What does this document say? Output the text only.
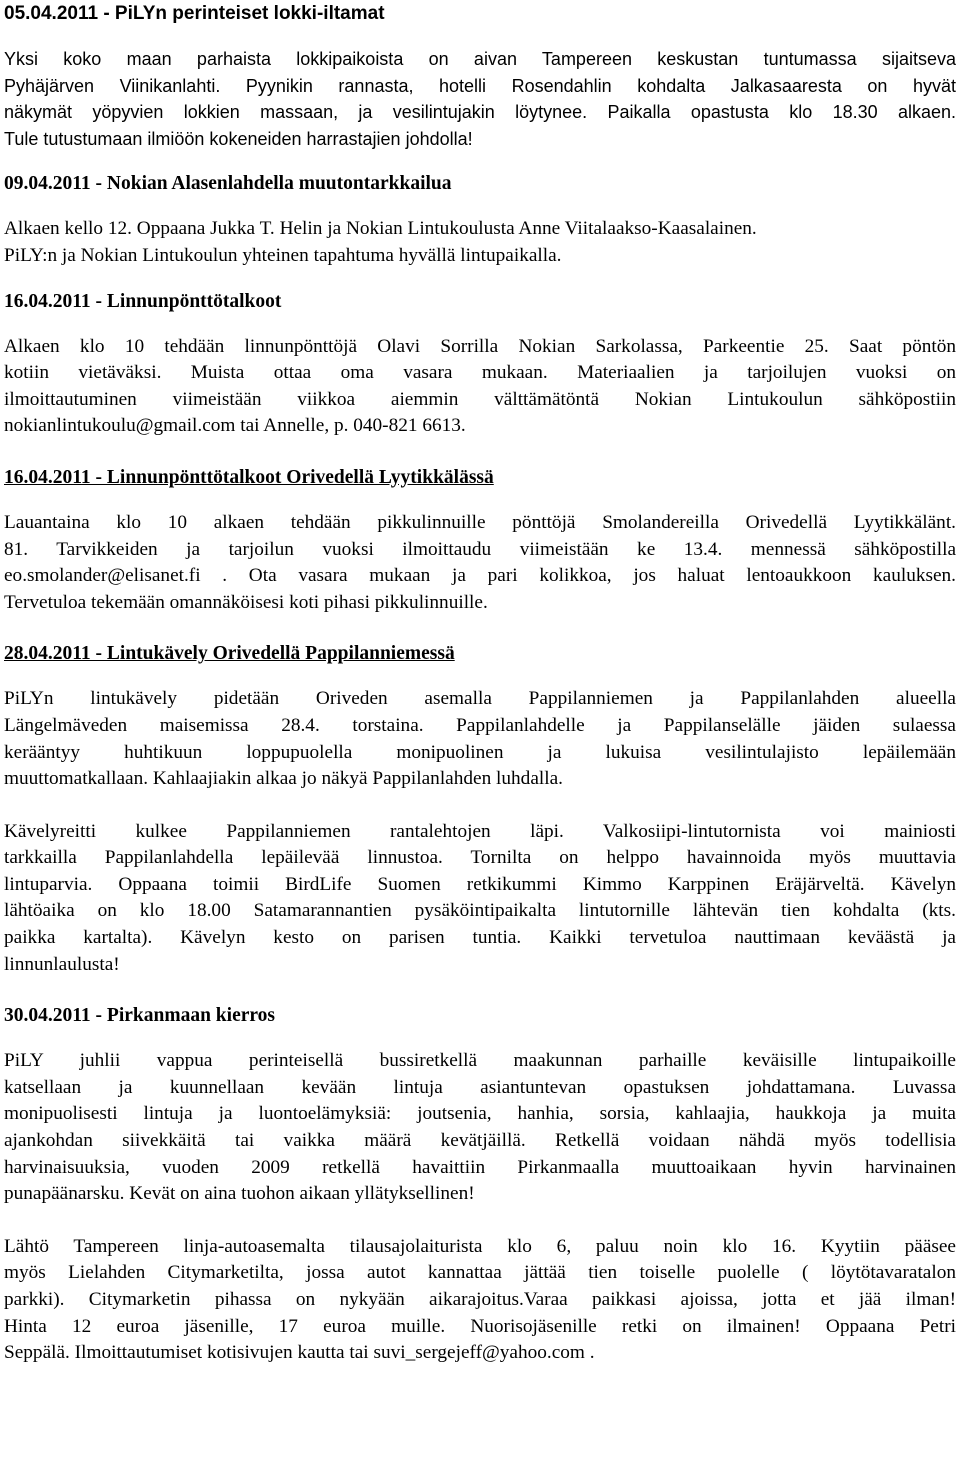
05.04.2011 - PiLYn perinteiset lokki-iltamat

Yksi koko maan parhaista lokkipaikoista on aivan Tampereen keskustan tuntumassa sijaitseva
Pyhäjärven Viinikanlahti. Pyynikin rannasta, hotelli Rosendahlin kohdalta Jalkasaaresta on hyvät
näkymät yöpyvien lokkien massaan, ja vesilintujakin löytynee. Paikalla opastusta klo 18.30 alkaen.
Tule tutustumaan ilmiöön kokeneiden harrastajien johdolla!

09.04.2011 - Nokian Alasenlahdella muutontarkkailua

Alkaen kello 12. Oppaana Jukka T. Helin ja Nokian Lintukoulusta Anne Viitalaakso-Kaasalainen.
PiLY:n ja Nokian Lintukoulun yhteinen tapahtuma hyvällä lintupaikalla.

16.04.2011 - Linnunpönttötalkoot

Alkaen klo 10 tehdään linnunpönttöjä Olavi Sorrilla Nokian Sarkolassa, Parkeentie 25. Saat pöntön
kotiin vietäväksi. Muista ottaa oma vasara mukaan. Materiaalien ja tarjoilujen vuoksi on
ilmoittautuminen viimeistään viikkoa aiemmin välttämätöntä Nokian Lintukoulun sähköpostiin
nokianlintukoulu@gmail.com tai Annelle, p. 040-821 6613.

16.04.2011 - Linnunpönttötalkoot Orivedellä Lyytikkälässä

Lauantaina klo 10 alkaen tehdään pikkulinnuille pönttöjä Smolandereilla Orivedellä Lyytikkälänt.
81. Tarvikkeiden ja tarjoilun vuoksi ilmoittaudu viimeistään ke 13.4. mennessä sähköpostilla
eo.smolander@elisanet.fi . Ota vasara mukaan ja pari kolikkoa, jos haluat lentoaukkoon kauluksen.
Tervetuloa tekemään omannäköisesi koti pihasi pikkulinnuille.

28.04.2011 - Lintukävely Orivedellä Pappilanniemessä

PiLYn lintukävely pidetään Oriveden asemalla Pappilanniemen ja Pappilanlahden alueella
Längelmäveden maisemissa 28.4. torstaina. Pappilanlahdelle ja Pappilanselälle jäiden sulaessa
kerääntyy huhtikuun loppupuolella monipuolinen ja lukuisa vesilintulajisto lepäilemään
muuttomatkallaan. Kahlaajiakin alkaa jo näkyä Pappilanlahden luhdalla.

Kävelyreitti kulkee Pappilanniemen rantalehtojen läpi. Valkosiipi-lintutornista voi mainiosti
tarkkailla Pappilanlahdella lepäilevää linnustoa. Tornilta on helppo havainnoida myös muuttavia
lintuparvia. Oppaana toimii BirdLife Suomen retkikummi Kimmo Karppinen Eräjärveltä. Kävelyn
lähtöaika on klo 18.00 Satamarannantien pysäköintipaikalta lintutornille lähtevän tien kohdalta (kts.
paikka kartalta). Kävelyn kesto on parisen tuntia. Kaikki tervetuloa nauttimaan keväästä ja
linnunlaulusta!

30.04.2011 - Pirkanmaan kierros

PiLY juhlii vappua perinteisellä bussiretkellä maakunnan parhaille keväisille lintupaikoille
katsellaan ja kuunnellaan kevään lintuja asiantuntevan opastuksen johdattamana. Luvassa
monipuolisesti lintuja ja luontoelämyksiä: joutsenia, hanhia, sorsia, kahlaajia, haukkoja ja muita
ajankohdan siivekkäitä tai vaikka määrä kevätjäillä. Retkellä voidaan nähdä myös todellisia
harvinaisuuksia, vuoden 2009 retkellä havaittiin Pirkanmaalla muuttoaikaan hyvin harvinainen
punapäänarsku. Kevät on aina tuohon aikaan yllätyksellinen!

Lähtö Tampereen linja-autoasemalta tilausajolaiturista klo 6, paluu noin klo 16. Kyytiin pääsee
myös Lielahden Citymarketilta, jossa autot kannattaa jättää tien toiselle puolelle ( löytötavaratalon
parkki). Citymarketin pihassa on nykyään aikarajoitus.Varaa paikkasi ajoissa, jotta et jää ilman!
Hinta 12 euroa jäsenille, 17 euroa muille. Nuorisojäsenille retki on ilmainen! Oppaana Petri
Seppälä. Ilmoittautumiset kotisivujen kautta tai suvi_sergejeff@yahoo.com .
